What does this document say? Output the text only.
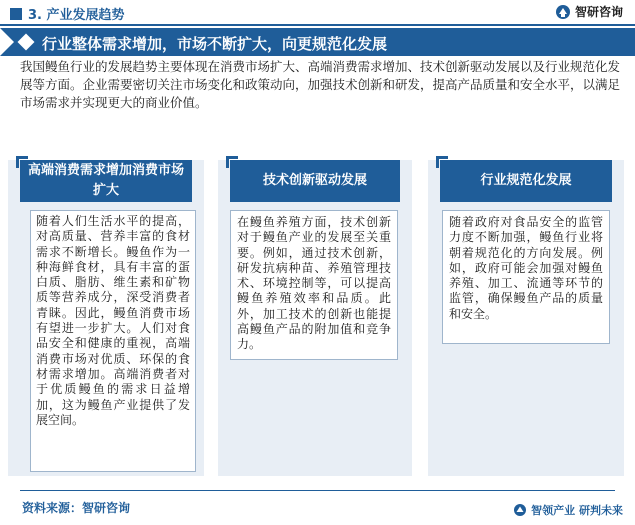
3. 产业发展趋势	智研咨询
行业整体需求增加，市场不断扩大，向更规范化发展

我国鳗鱼行业的发展趋势主要体现在消费市场扩大、高端消费需求增加、技术创新驱动发展以及行业规范化发展等方面。企业需要密切关注市场变化和政策动向，加强技术创新和研发，提高产品质量和安全水平，以满足市场需求并实现更大的商业价值。

高端消费需求增加消费市场扩大
随着人们生活水平的提高，对高质量、营养丰富的食材需求不断增长。鳗鱼作为一种海鲜食材，具有丰富的蛋白质、脂肪、维生素和矿物质等营养成分，深受消费者青睐。因此，鳗鱼消费市场有望进一步扩大。人们对食品安全和健康的重视，高端消费市场对优质、环保的食材需求增加。高端消费者对于优质鳗鱼的需求日益增加，这为鳗鱼产业提供了发展空间。
技术创新驱动发展
在鳗鱼养殖方面，技术创新对于鳗鱼产业的发展至关重要。例如，通过技术创新，研发抗病种苗、养殖管理技术、环境控制等，可以提高鳗鱼养殖效率和品质。此外，加工技术的创新也能提高鳗鱼产品的附加值和竞争力。
行业规范化发展
随着政府对食品安全的监管力度不断加强，鳗鱼行业将朝着规范化的方向发展。例如，政府可能会加强对鳗鱼养殖、加工、流通等环节的监管，确保鳗鱼产品的质量和安全。
资料来源：智研咨询	智领产业 研判未来
